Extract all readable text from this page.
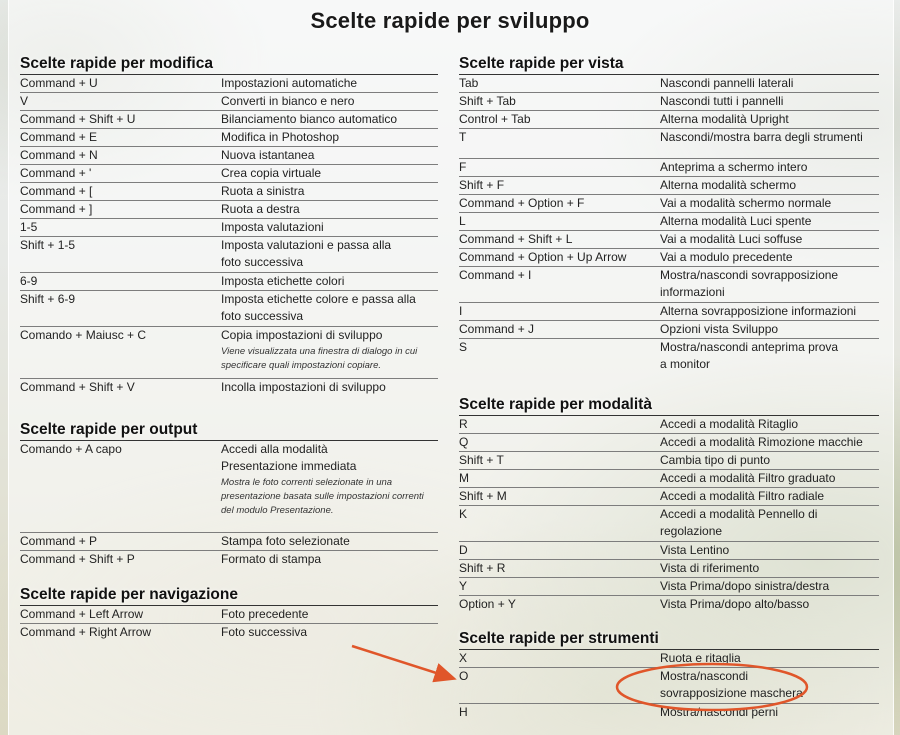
Scelte rapide per sviluppo
Scelte rapide per modifica
Command + U	Impostazioni automatiche
V	Converti in bianco e nero
Command + Shift + U	Bilanciamento bianco automatico
Command + E	Modifica in Photoshop
Command + N	Nuova istantanea
Command + '	Crea copia virtuale
Command + [	Ruota a sinistra
Command + ]	Ruota a destra
1-5	Imposta valutazioni
Shift + 1-5	Imposta valutazioni e passa alla
foto successiva
6-9	Imposta etichette colori
Shift + 6-9	Imposta etichette colore e passa alla
foto successiva
Comando + Maiusc + C	Copia impostazioni di sviluppo
Viene visualizzata una finestra di dialogo in cui
specificare quali impostazioni copiare.
Command + Shift + V	Incolla impostazioni di sviluppo
Scelte rapide per output
Comando + A capo	Accedi alla modalità
Presentazione immediata
Mostra le foto correnti selezionate in una
presentazione basata sulle impostazioni correnti
del modulo Presentazione.
Command + P	Stampa foto selezionate
Command + Shift + P	Formato di stampa
Scelte rapide per navigazione
Command + Left Arrow	Foto precedente
Command + Right Arrow	Foto successiva
Scelte rapide per vista
Tab	Nascondi pannelli laterali
Shift + Tab	Nascondi tutti i pannelli
Control + Tab	Alterna modalità Upright
T	Nascondi/mostra barra degli strumenti
F	Anteprima a schermo intero
Shift + F	Alterna modalità schermo
Command + Option + F	Vai a modalità schermo normale
L	Alterna modalità Luci spente
Command + Shift + L	Vai a modalità Luci soffuse
Command + Option + Up Arrow	Vai a modulo precedente
Command + I	Mostra/nascondi sovrapposizione
informazioni
I	Alterna sovrapposizione informazioni
Command + J	Opzioni vista Sviluppo
S	Mostra/nascondi anteprima prova
a monitor
Scelte rapide per modalità
R	Accedi a modalità Ritaglio
Q	Accedi a modalità Rimozione macchie
Shift + T	Cambia tipo di punto
M	Accedi a modalità Filtro graduato
Shift + M	Accedi a modalità Filtro radiale
K	Accedi a modalità Pennello di
regolazione
D	Vista Lentino
Shift + R	Vista di riferimento
Y	Vista Prima/dopo sinistra/destra
Option + Y	Vista Prima/dopo alto/basso
Scelte rapide per strumenti
X	Ruota e ritaglia
O	Mostra/nascondi
sovrapposizione maschera
H	Mostra/nascondi perni
